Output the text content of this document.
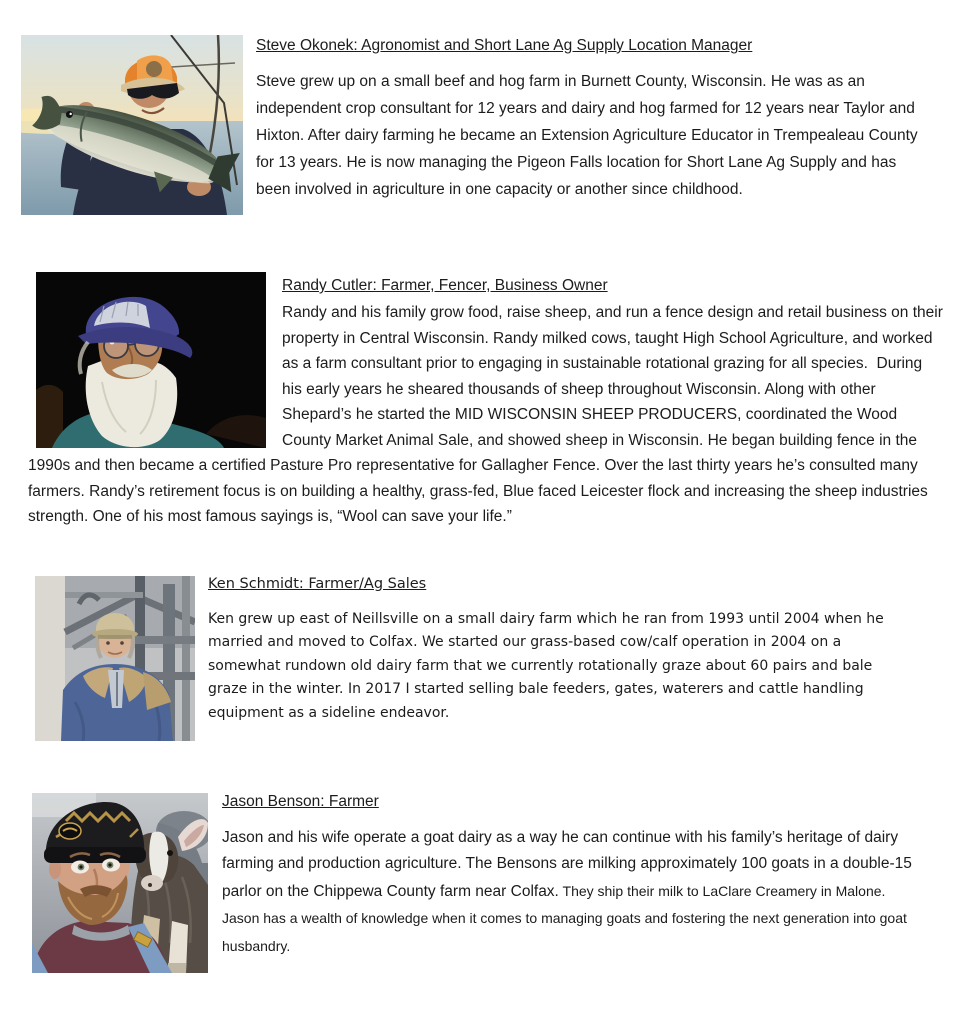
Steve Okonek: Agronomist and Short Lane Ag Supply Location Manager

Steve grew up on a small beef and hog farm in Burnett County, Wisconsin. He was as an independent crop consultant for 12 years and dairy and hog farmed for 12 years near Taylor and Hixton. After dairy farming he became an Extension Agriculture Educator in Trempealeau County for 13 years. He is now managing the Pigeon Falls location for Short Lane Ag Supply and has been involved in agriculture in one capacity or another since childhood.

Randy Cutler: Farmer, Fencer, Business Owner

Randy and his family grow food, raise sheep, and run a fence design and retail business on their property in Central Wisconsin. Randy milked cows, taught High School Agriculture, and worked as a farm consultant prior to engaging in sustainable rotational grazing for all species.  During his early years he sheared thousands of sheep throughout Wisconsin. Along with other Shepard’s he started the MID WISCONSIN SHEEP PRODUCERS, coordinated the Wood County Market Animal Sale, and showed sheep in Wisconsin. He began building fence in the 1990s and then became a certified Pasture Pro representative for Gallagher Fence. Over the last thirty years he’s consulted many farmers. Randy’s retirement focus is on building a healthy, grass-fed, Blue faced Leicester flock and increasing the sheep industries strength. One of his most famous sayings is, “Wool can save your life.”

Ken Schmidt: Farmer/Ag Sales

Ken grew up east of Neillsville on a small dairy farm which he ran from 1993 until 2004 when he married and moved to Colfax. We started our grass-based cow/calf operation in 2004 on a somewhat rundown old dairy farm that we currently rotationally graze about 60 pairs and bale graze in the winter. In 2017 I started selling bale feeders, gates, waterers and cattle handling equipment as a sideline endeavor.

Jason Benson: Farmer

Jason and his wife operate a goat dairy as a way he can continue with his family’s heritage of dairy farming and production agriculture. The Bensons are milking approximately 100 goats in a double-15 parlor on the Chippewa County farm near Colfax. They ship their milk to LaClare Creamery in Malone. Jason has a wealth of knowledge when it comes to managing goats and fostering the next generation into goat husbandry.
